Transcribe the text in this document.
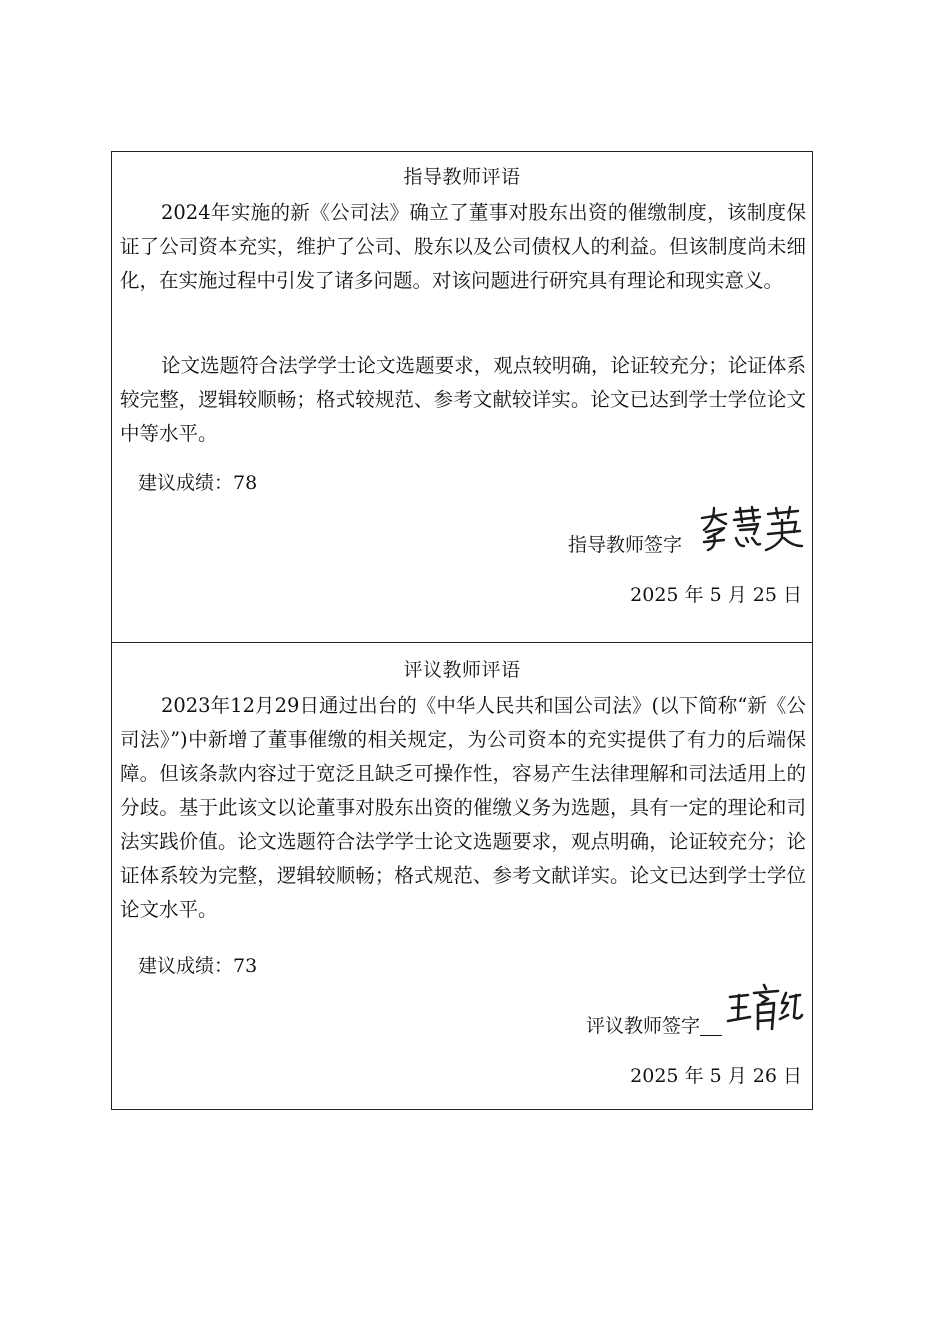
指导教师评语

2024年实施的新《公司法》确立了董事对股东出资的催缴制度，该制度保证了公司资本充实，维护了公司、股东以及公司债权人的利益。但该制度尚未细化，在实施过程中引发了诸多问题。对该问题进行研究具有理论和现实意义。

论文选题符合法学学士论文选题要求，观点较明确，论证较充分；论证体系较完整，逻辑较顺畅；格式较规范、参考文献较详实。论文已达到学士学位论文中等水平。

建议成绩：78
指导教师签字
2025 年 5 月 25 日
评议教师评语

2023年12月29日通过出台的《中华人民共和国公司法》(以下简称“新《公司法》”)中新增了董事催缴的相关规定，为公司资本的充实提供了有力的后端保障。但该条款内容过于宽泛且缺乏可操作性，容易产生法律理解和司法适用上的分歧。基于此该文以论董事对股东出资的催缴义务为选题，具有一定的理论和司法实践价值。论文选题符合法学学士论文选题要求，观点明确，论证较充分；论证体系较为完整，逻辑较顺畅；格式规范、参考文献详实。论文已达到学士学位论文水平。

建议成绩：73
评议教师签字
2025 年 5 月 26 日
